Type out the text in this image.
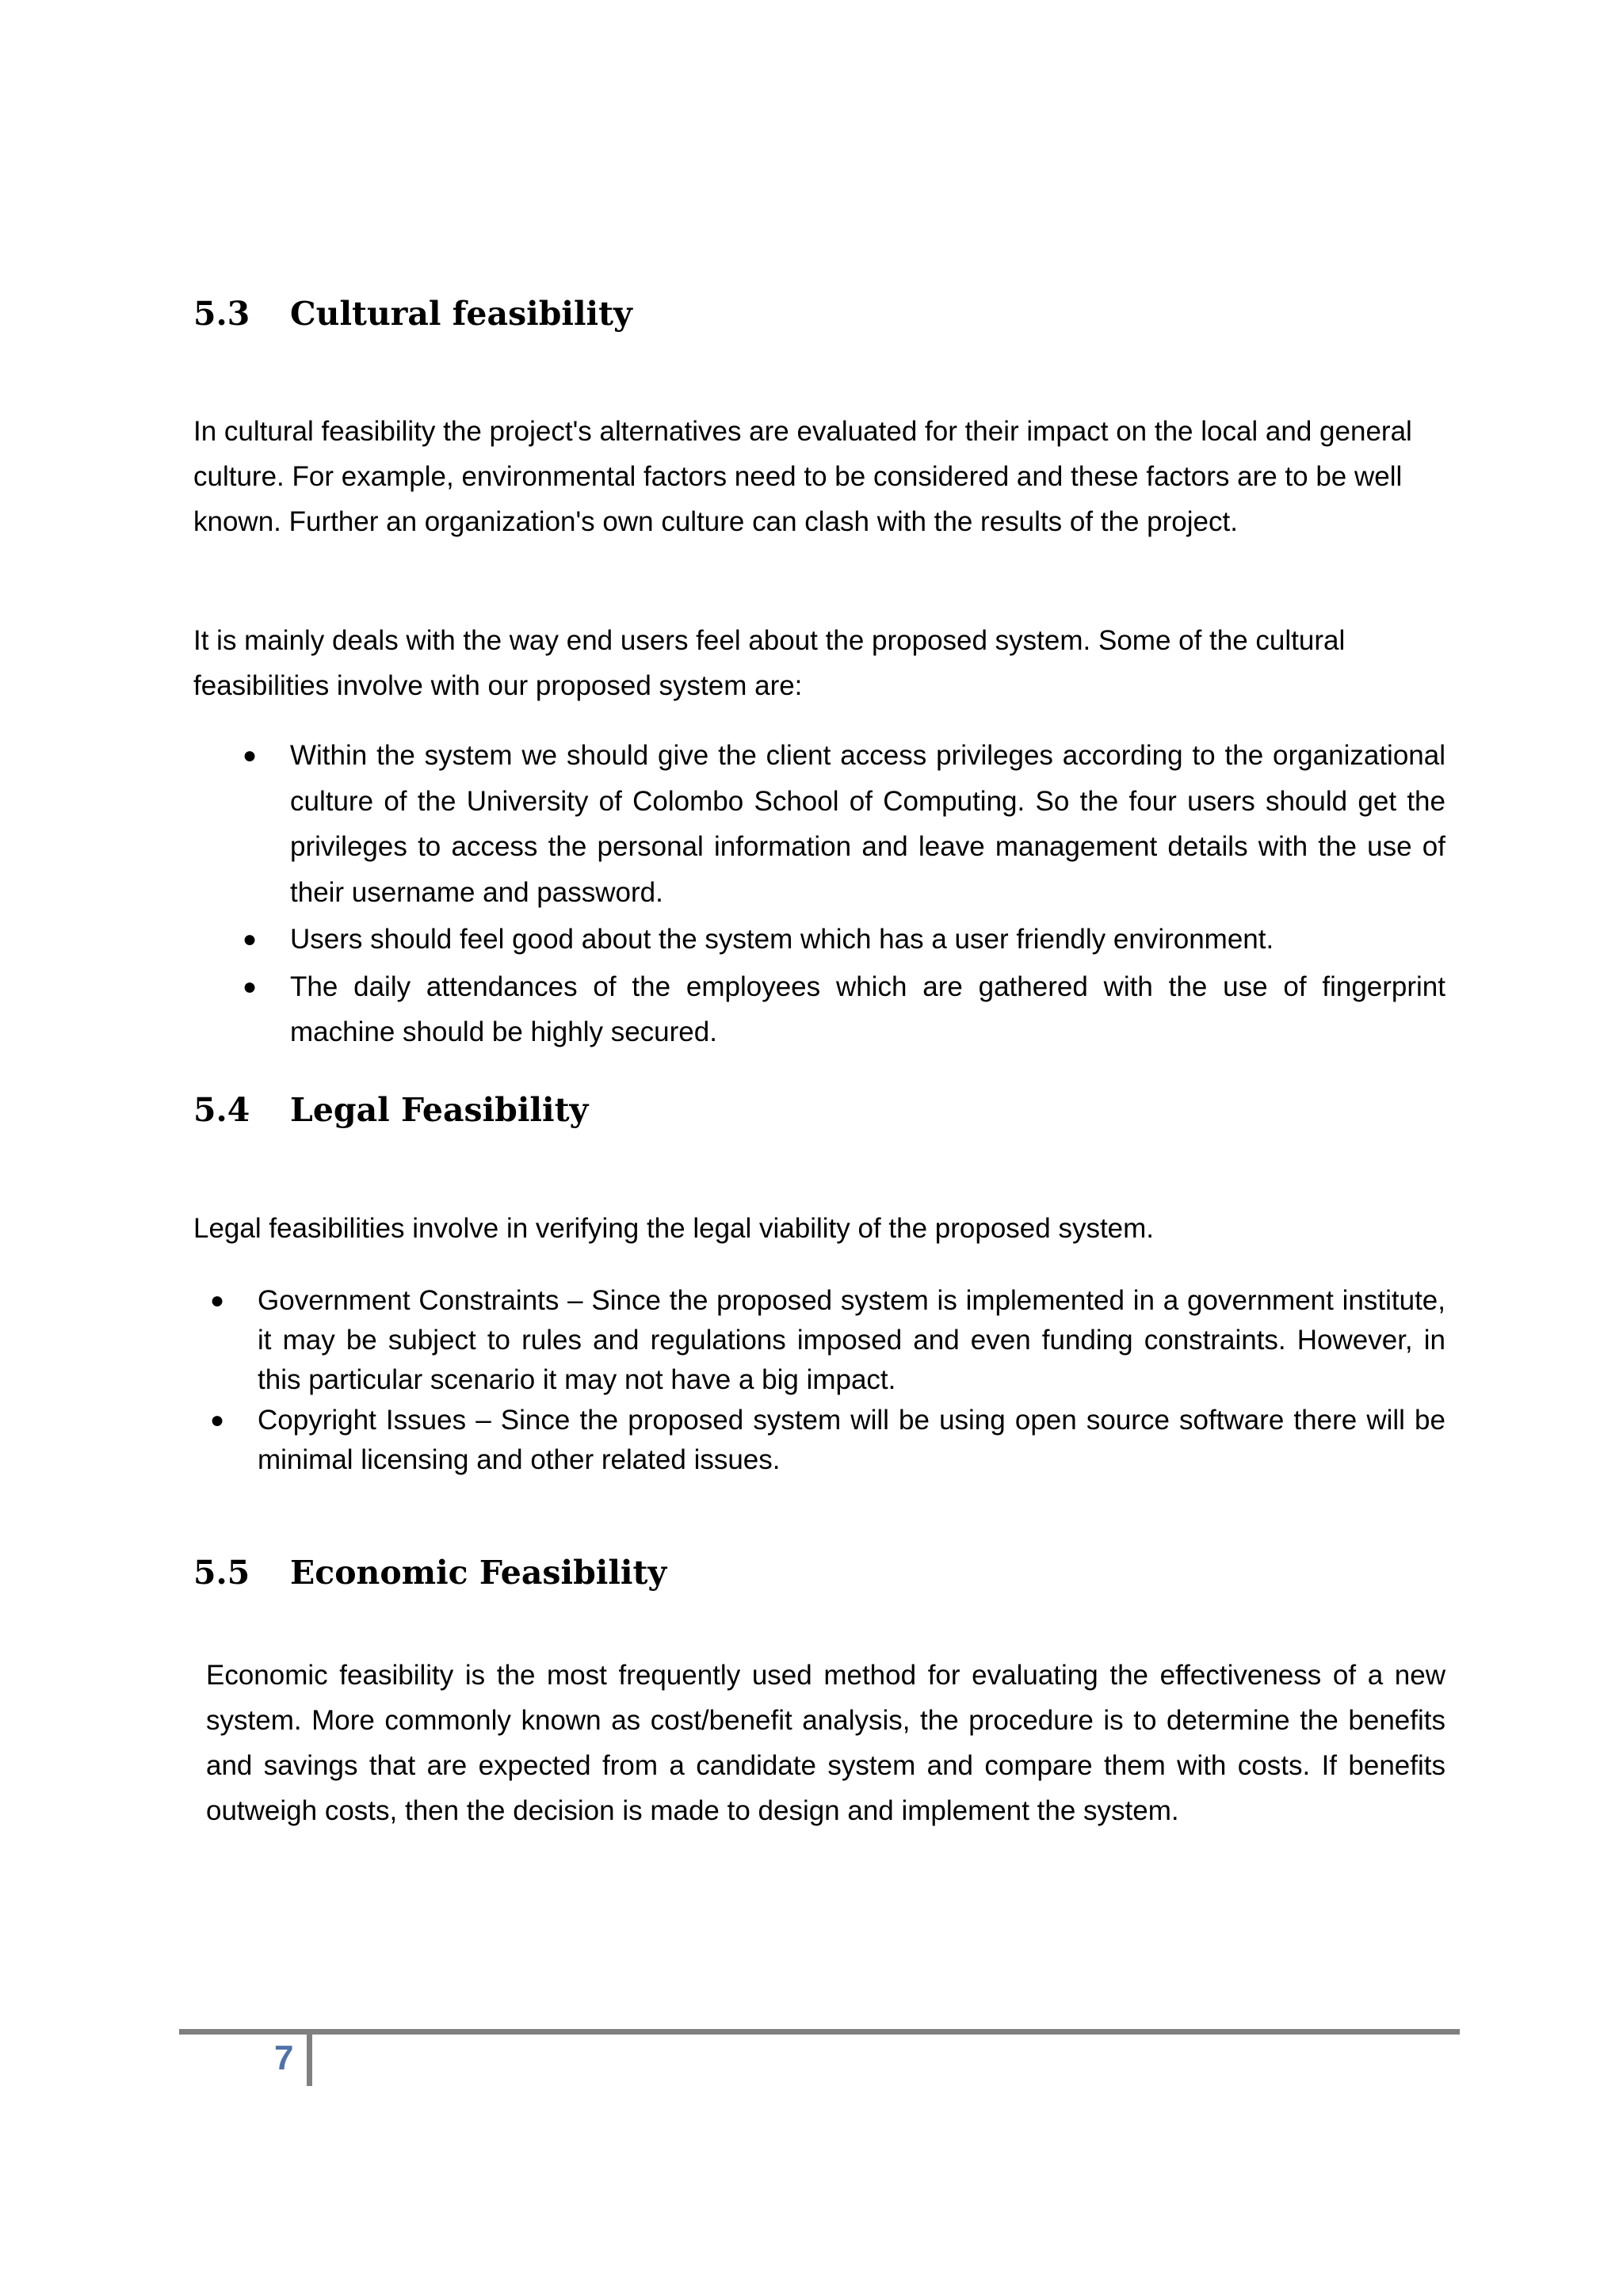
5.3 Cultural feasibility

In cultural feasibility the project's alternatives are evaluated for their impact on the local and general culture. For example, environmental factors need to be considered and these factors are to be well known. Further an organization's own culture can clash with the results of the project.

It is mainly deals with the way end users feel about the proposed system. Some of the cultural feasibilities involve with our proposed system are:

● Within the system we should give the client access privileges according to the organizational culture of the University of Colombo School of Computing. So the four users should get the privileges to access the personal information and leave management details with the use of their username and password.
● Users should feel good about the system which has a user friendly environment.
● The daily attendances of the employees which are gathered with the use of fingerprint machine should be highly secured.
5.4 Legal Feasibility

Legal feasibilities involve in verifying the legal viability of the proposed system.

● Government Constraints – Since the proposed system is implemented in a government institute, it may be subject to rules and regulations imposed and even funding constraints. However, in this particular scenario it may not have a big impact.
● Copyright Issues – Since the proposed system will be using open source software there will be minimal licensing and other related issues.
5.5 Economic Feasibility

Economic feasibility is the most frequently used method for evaluating the effectiveness of a new system. More commonly known as cost/benefit analysis, the procedure is to determine the benefits and savings that are expected from a candidate system and compare them with costs. If benefits outweigh costs, then the decision is made to design and implement the system.

7
